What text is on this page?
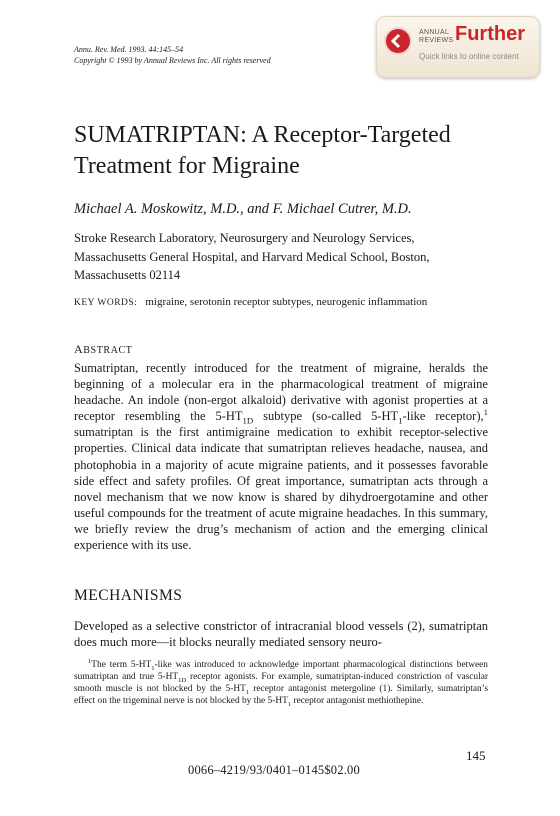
Annu. Rev. Med. 1993. 44:145–54
Copyright © 1993 by Annual Reviews Inc. All rights reserved
ANNUAL
REVIEWS Further
Quick links to online content
SUMATRIPTAN: A Receptor-Targeted
Treatment for Migraine
Michael A. Moskowitz, M.D., and F. Michael Cutrer, M.D.
Stroke Research Laboratory, Neurosurgery and Neurology Services,
Massachusetts General Hospital, and Harvard Medical School, Boston,
Massachusetts 02114
KEY WORDS: migraine, serotonin receptor subtypes, neurogenic inflammation
ABSTRACT
Sumatriptan, recently introduced for the treatment of migraine, heralds the beginning of a molecular era in the pharmacological treatment of migraine headache. An indole (non-ergot alkaloid) derivative with agonist properties at a receptor resembling the $5-HT_{1D}$ subtype (so-called $5-HT_1$-like receptor),$^1$ sumatriptan is the first antimigraine medication to exhibit receptor-selective properties. Clinical data indicate that sumatriptan relieves headache, nausea, and photophobia in a majority of acute migraine patients, and it possesses favorable side effect and safety profiles. Of great importance, sumatriptan acts through a novel mechanism that we now know is shared by dihydroergotamine and other useful compounds for the treatment of acute migraine headaches. In this summary, we briefly review the drug’s mechanism of action and the emerging clinical experience with its use.
MECHANISMS
Developed as a selective constrictor of intracranial blood vessels (2), sumatriptan does much more—it blocks neurally mediated sensory neuro-
$^1$The term $5-HT_1$-like was introduced to acknowledge important pharmacological distinctions between sumatriptan and true $5-HT_{1D}$ receptor agonists. For example, sumatriptan-induced constriction of vascular smooth muscle is not blocked by the $5-HT_1$ receptor antagonist metergoline (1). Similarly, sumatriptan’s effect on the trigeminal nerve is not blocked by the $5-HT_1$ receptor antagonist methiothepine.
145
0066–4219/93/0401–0145$02.00
